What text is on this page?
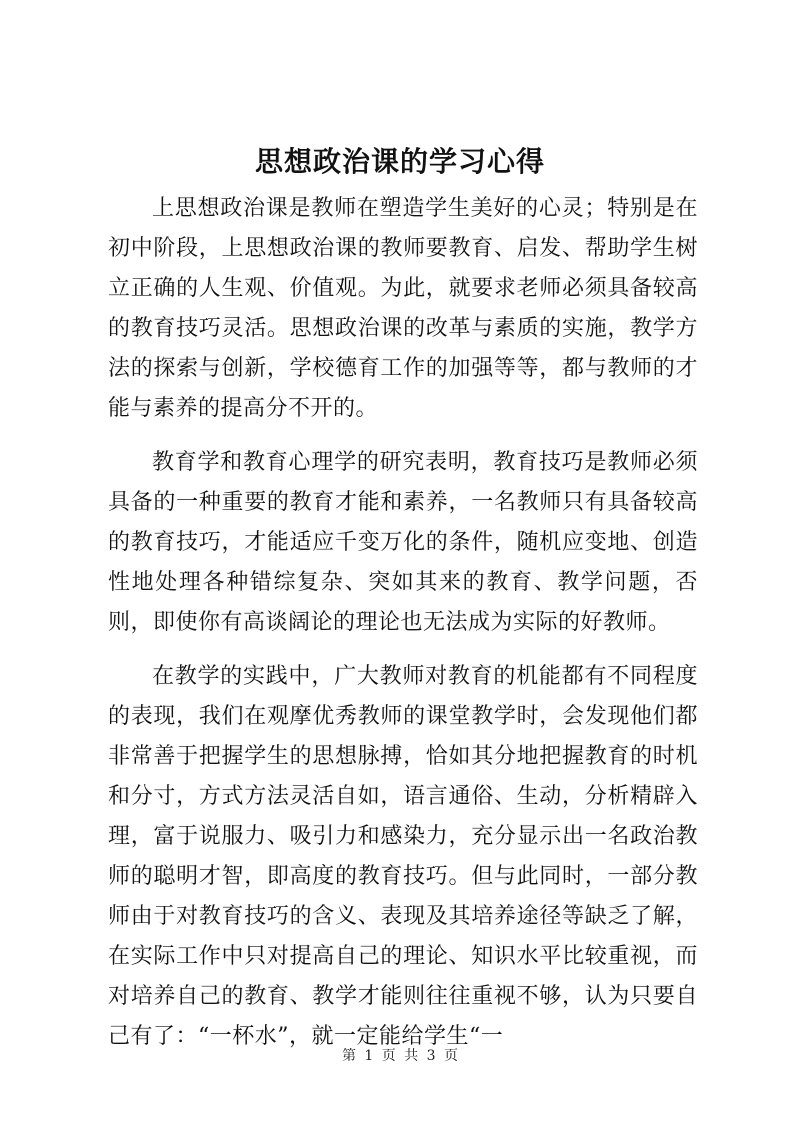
思想政治课的学习心得

上思想政治课是教师在塑造学生美好的心灵；特别是在初中阶段，上思想政治课的教师要教育、启发、帮助学生树立正确的人生观、价值观。为此，就要求老师必须具备较高的教育技巧灵活。思想政治课的改革与素质的实施，教学方法的探索与创新，学校德育工作的加强等等，都与教师的才能与素养的提高分不开的。

教育学和教育心理学的研究表明，教育技巧是教师必须具备的一种重要的教育才能和素养，一名教师只有具备较高的教育技巧，才能适应千变万化的条件，随机应变地、创造性地处理各种错综复杂、突如其来的教育、教学问题，否则，即使你有高谈阔论的理论也无法成为实际的好教师。

在教学的实践中，广大教师对教育的机能都有不同程度的表现，我们在观摩优秀教师的课堂教学时，会发现他们都非常善于把握学生的思想脉搏，恰如其分地把握教育的时机和分寸，方式方法灵活自如，语言通俗、生动，分析精辟入理，富于说服力、吸引力和感染力，充分显示出一名政治教师的聪明才智，即高度的教育技巧。但与此同时，一部分教师由于对教育技巧的含义、表现及其培养途径等缺乏了解，在实际工作中只对提高自己的理论、知识水平比较重视，而对培养自己的教育、教学才能则往往重视不够，认为只要自己有了：“一杯水”，就一定能给学生“一

第 1 页 共 3 页
